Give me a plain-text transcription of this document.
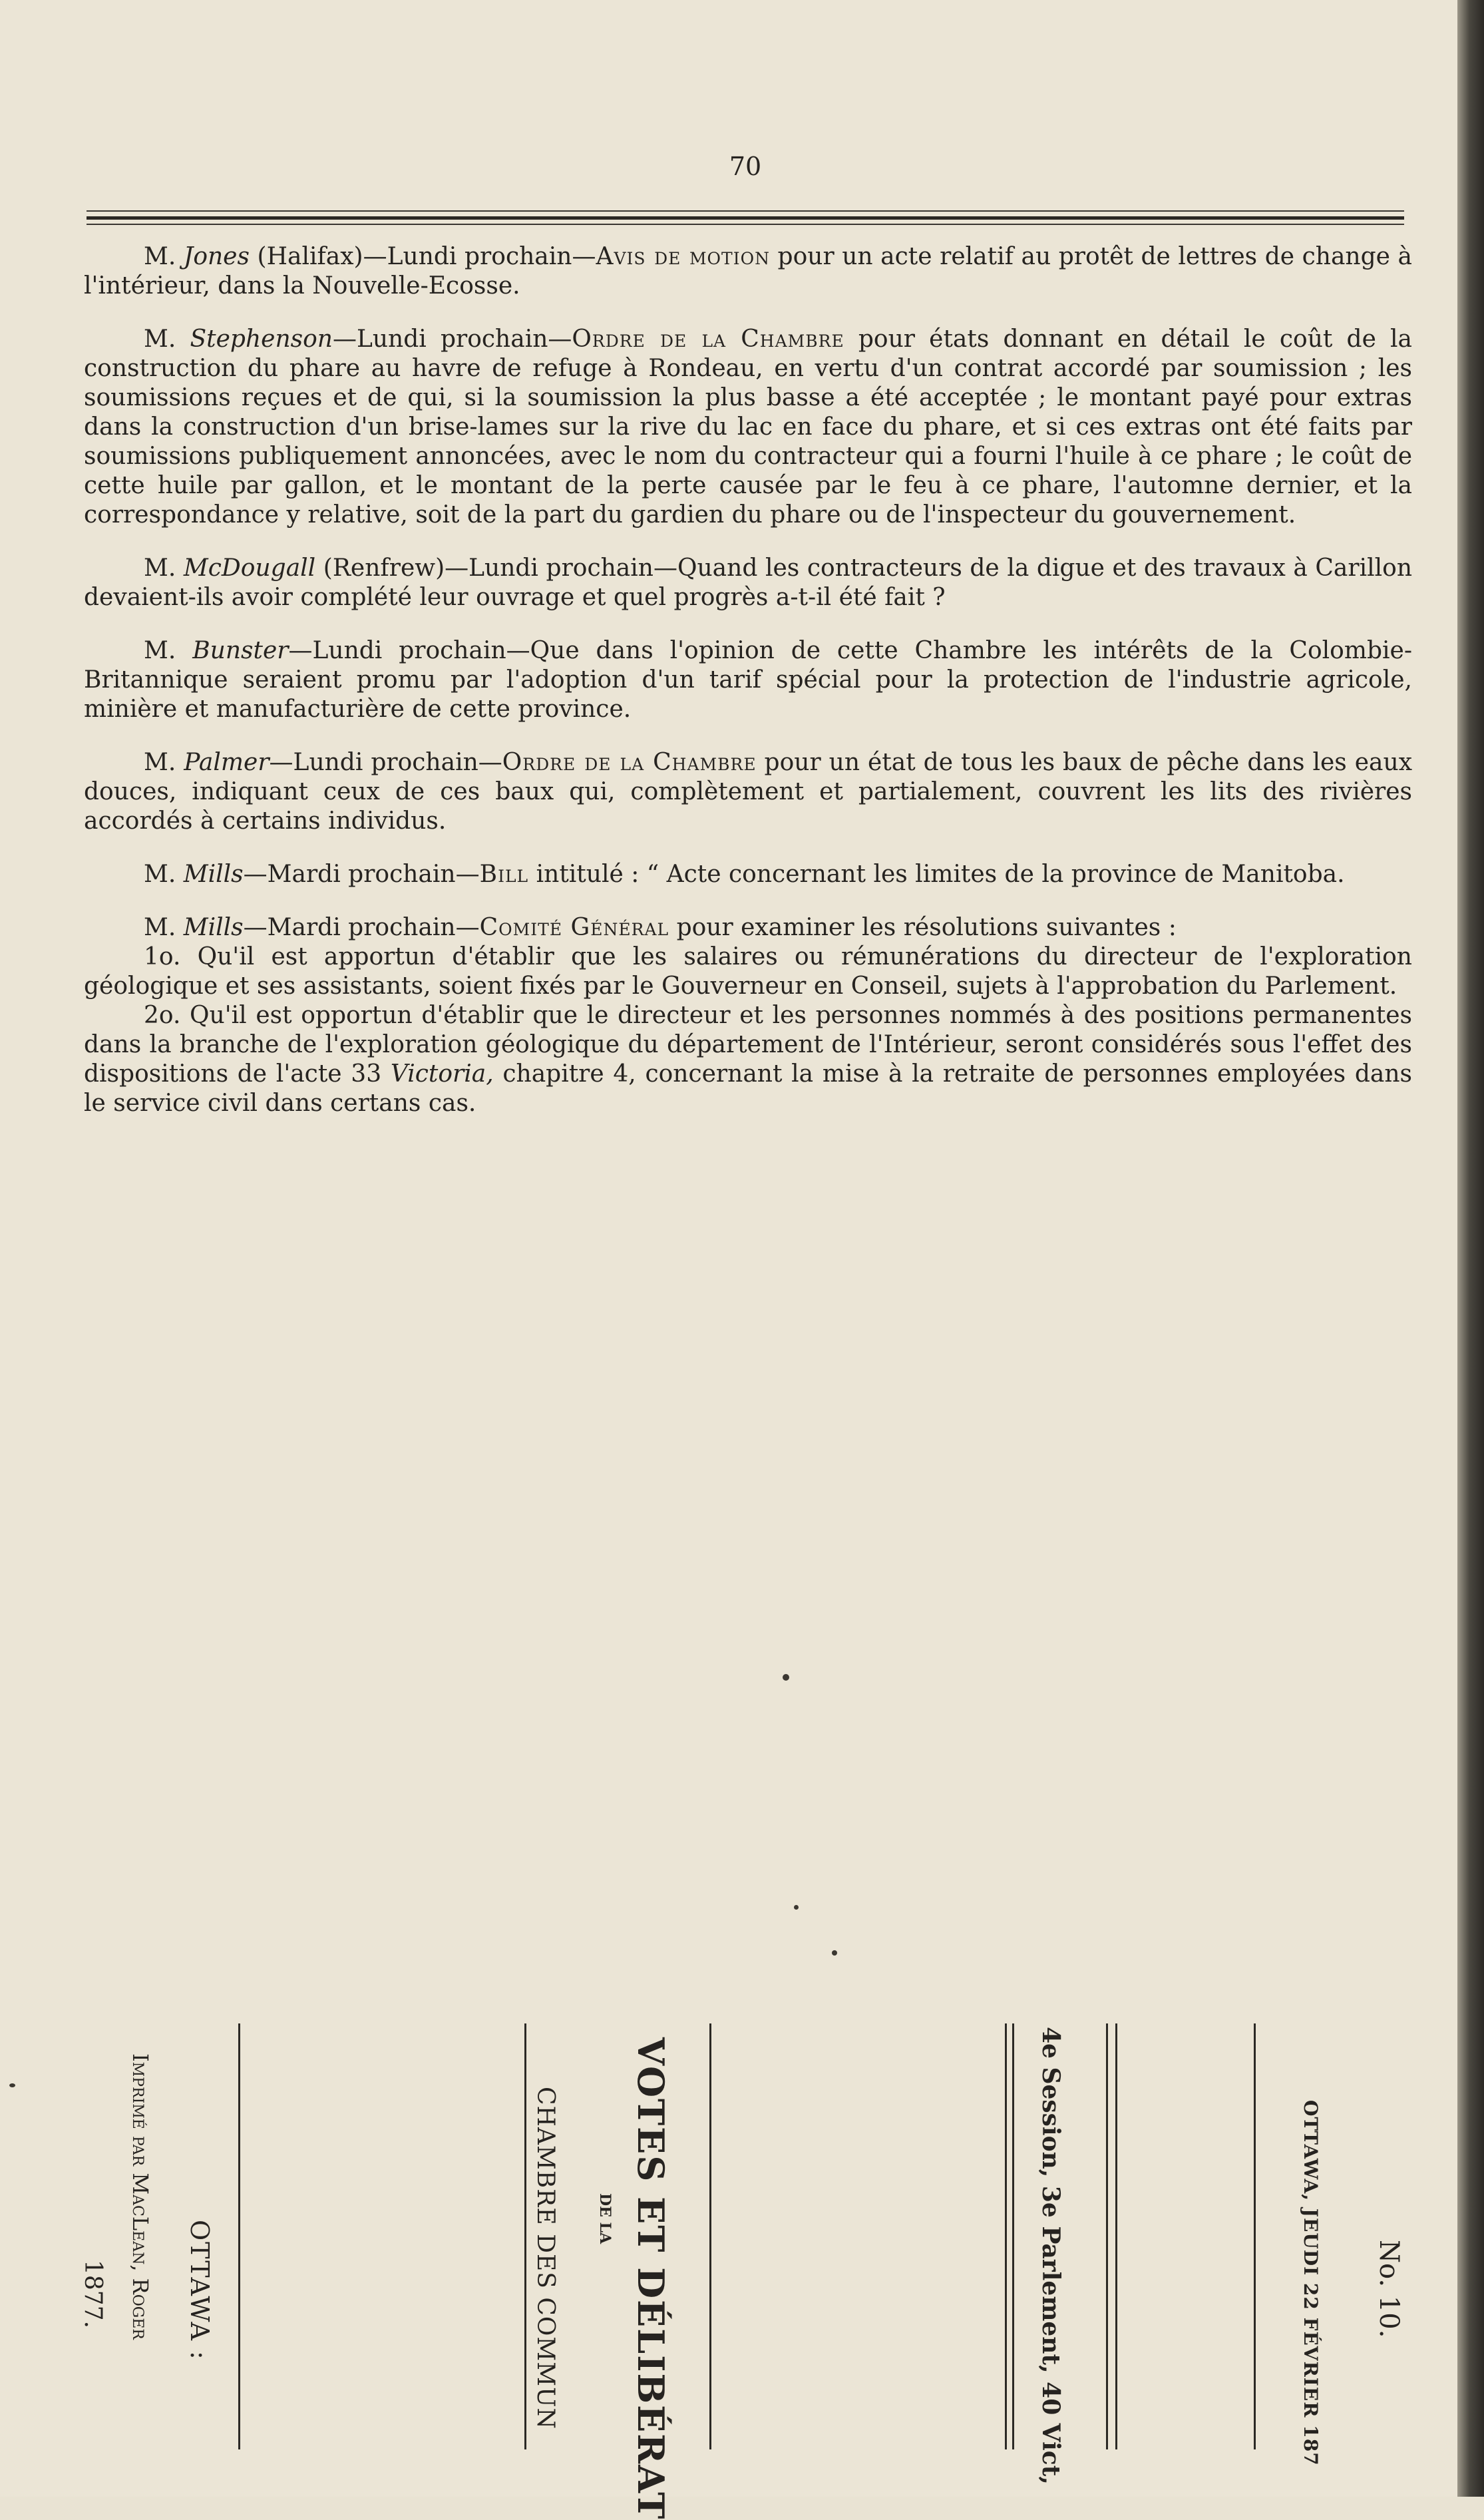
70

M. Jones (Halifax)—Lundi prochain—Avis de motion pour un acte relatif au protêt de lettres de change à l'intérieur, dans la Nouvelle-Ecosse.

M. Stephenson—Lundi prochain—Ordre de la Chambre pour états donnant en détail le coût de la construction du phare au havre de refuge à Rondeau, en vertu d'un contrat accordé par soumission ; les soumissions reçues et de qui, si la soumission la plus basse a été acceptée ; le montant payé pour extras dans la construction d'un brise-lames sur la rive du lac en face du phare, et si ces extras ont été faits par soumissions publiquement annoncées, avec le nom du contracteur qui a fourni l'huile à ce phare ; le coût de cette huile par gallon, et le montant de la perte causée par le feu à ce phare, l'automne dernier, et la correspondance y relative, soit de la part du gardien du phare ou de l'inspecteur du gouvernement.

M. McDougall (Renfrew)—Lundi prochain—Quand les contracteurs de la digue et des travaux à Carillon devaient-ils avoir complété leur ouvrage et quel progrès a-t-il été fait ?

M. Bunster—Lundi prochain—Que dans l'opinion de cette Chambre les intérêts de la Colombie-Britannique seraient promu par l'adoption d'un tarif spécial pour la protection de l'industrie agricole, minière et manufacturière de cette province.

M. Palmer—Lundi prochain—Ordre de la Chambre pour un état de tous les baux de pêche dans les eaux douces, indiquant ceux de ces baux qui, complètement et partialement, couvrent les lits des rivières accordés à certains individus.

M. Mills—Mardi prochain—Bill intitulé : “ Acte concernant les limites de la province de Manitoba.

M. Mills—Mardi prochain—Comité Général pour examiner les résolutions suivantes :

1o. Qu'il est apportun d'établir que les salaires ou rémunérations du directeur de l'exploration géologique et ses assistants, soient fixés par le Gouverneur en Conseil, sujets à l'approbation du Parlement.

2o. Qu'il est opportun d'établir que le directeur et les personnes nommés à des positions permanentes dans la branche de l'exploration géologique du département de l'Intérieur, seront considérés sous l'effet des dispositions de l'acte 33 Victoria, chapitre 4, concernant la mise à la retraite de personnes employées dans le service civil dans certans cas.

No. 10.
OTTAWA, JEUDI 22 FÉVRIER 187
4e Session, 3e Parlement, 40 Vict,
VOTES ET DÉLIBÉRAT
DE LA
CHAMBRE DES COMMUN
OTTAWA :
Imprimé par MacLean, Roger
1877.
